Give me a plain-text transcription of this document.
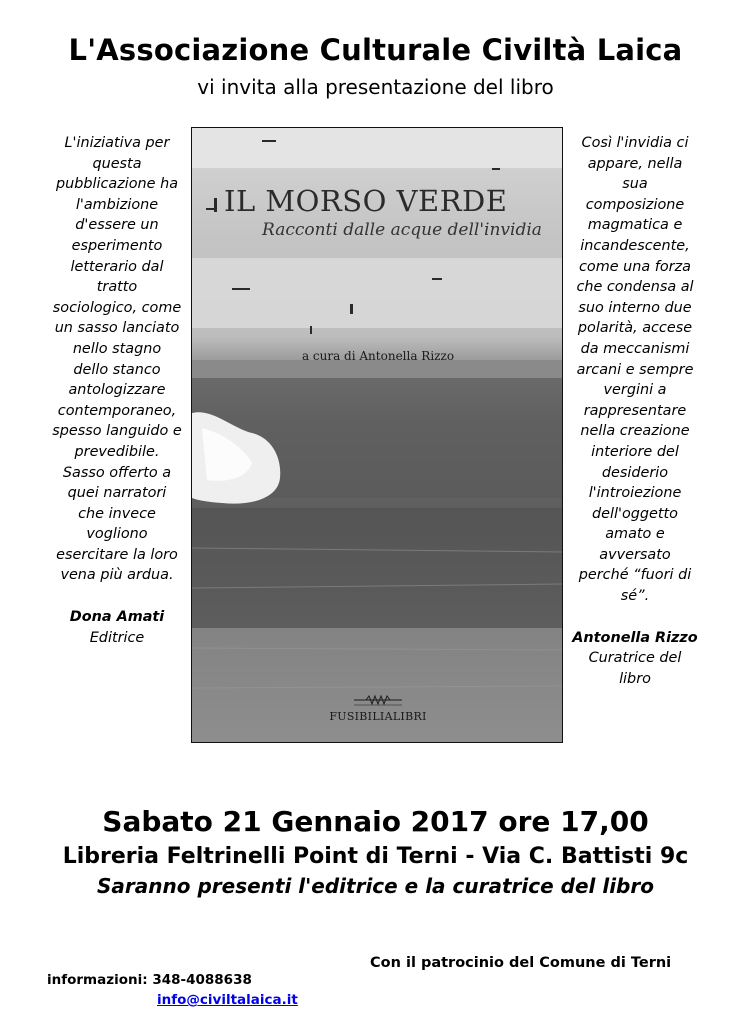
L'Associazione Culturale Civiltà Laica
vi invita alla presentazione del libro
L'iniziativa per
questa
pubblicazione ha
l'ambizione
d'essere un
esperimento
letterario dal
tratto
sociologico, come
un sasso lanciato
nello stagno
dello stanco
antologizzare
contemporaneo,
spesso languido e
prevedibile.
Sasso offerto a
quei narratori
che invece
vogliono
esercitare la loro
vena più ardua.
Dona Amati
Editrice
IL MORSO VERDE
Racconti dalle acque dell'invidia
a cura di Antonella Rizzo
FUSIBILIALIBRI
Così l'invidia ci
appare, nella
sua
composizione
magmatica e
incandescente,
come una forza
che condensa al
suo interno due
polarità, accese
da meccanismi
arcani e sempre
vergini a
rappresentare
nella creazione
interiore del
desiderio
l'introiezione
dell'oggetto
amato e
avversato
perché “fuori di
sé”.
Antonella Rizzo
Curatrice del
libro
Sabato 21 Gennaio 2017 ore 17,00
Libreria Feltrinelli Point di Terni - Via C. Battisti 9c
Saranno presenti l'editrice e la curatrice del libro
Con il patrocinio del Comune di Terni
informazioni: 348-4088638
info@civiltalaica.it
